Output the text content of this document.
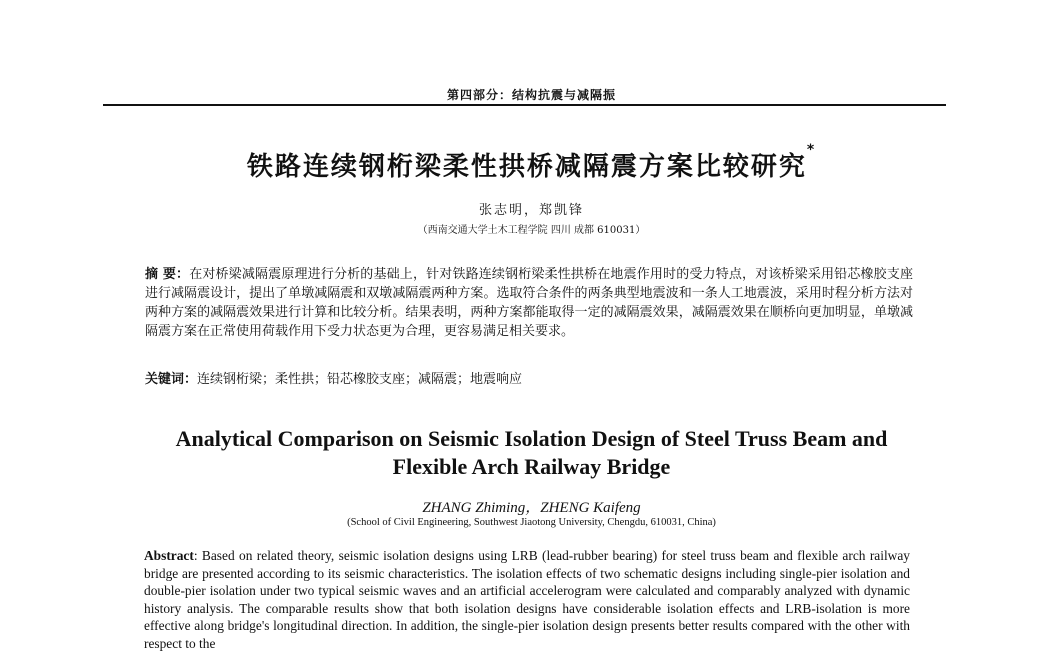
第四部分：结构抗震与减隔振
铁路连续钢桁梁柔性拱桥减隔震方案比较研究*
张志明，郑凯锋
（西南交通大学土木工程学院 四川 成都 610031）
摘 要：在对桥梁减隔震原理进行分析的基础上，针对铁路连续钢桁梁柔性拱桥在地震作用时的受力特点，对该桥梁采用铅芯橡胶支座进行减隔震设计，提出了单墩减隔震和双墩减隔震两种方案。选取符合条件的两条典型地震波和一条人工地震波，采用时程分析方法对两种方案的减隔震效果进行计算和比较分析。结果表明，两种方案都能取得一定的减隔震效果，减隔震效果在顺桥向更加明显，单墩减隔震方案在正常使用荷载作用下受力状态更为合理，更容易满足相关要求。
关键词：连续钢桁梁；柔性拱；铅芯橡胶支座；减隔震；地震响应
Analytical Comparison on Seismic Isolation Design of Steel Truss Beam and
Flexible Arch Railway Bridge
ZHANG Zhiming，ZHENG Kaifeng
(School of Civil Engineering, Southwest Jiaotong University, Chengdu, 610031, China)
Abstract: Based on related theory, seismic isolation designs using LRB (lead-rubber bearing) for steel truss beam and flexible arch railway bridge are presented according to its seismic characteristics. The isolation effects of two schematic designs including single-pier isolation and double-pier isolation under two typical seismic waves and an artificial accelerogram were calculated and comparably analyzed with dynamic history analysis. The comparable results show that both isolation designs have considerable isolation effects and LRB-isolation is more effective along bridge's longitudinal direction. In addition, the single-pier isolation design presents better results compared with the other with respect to the
